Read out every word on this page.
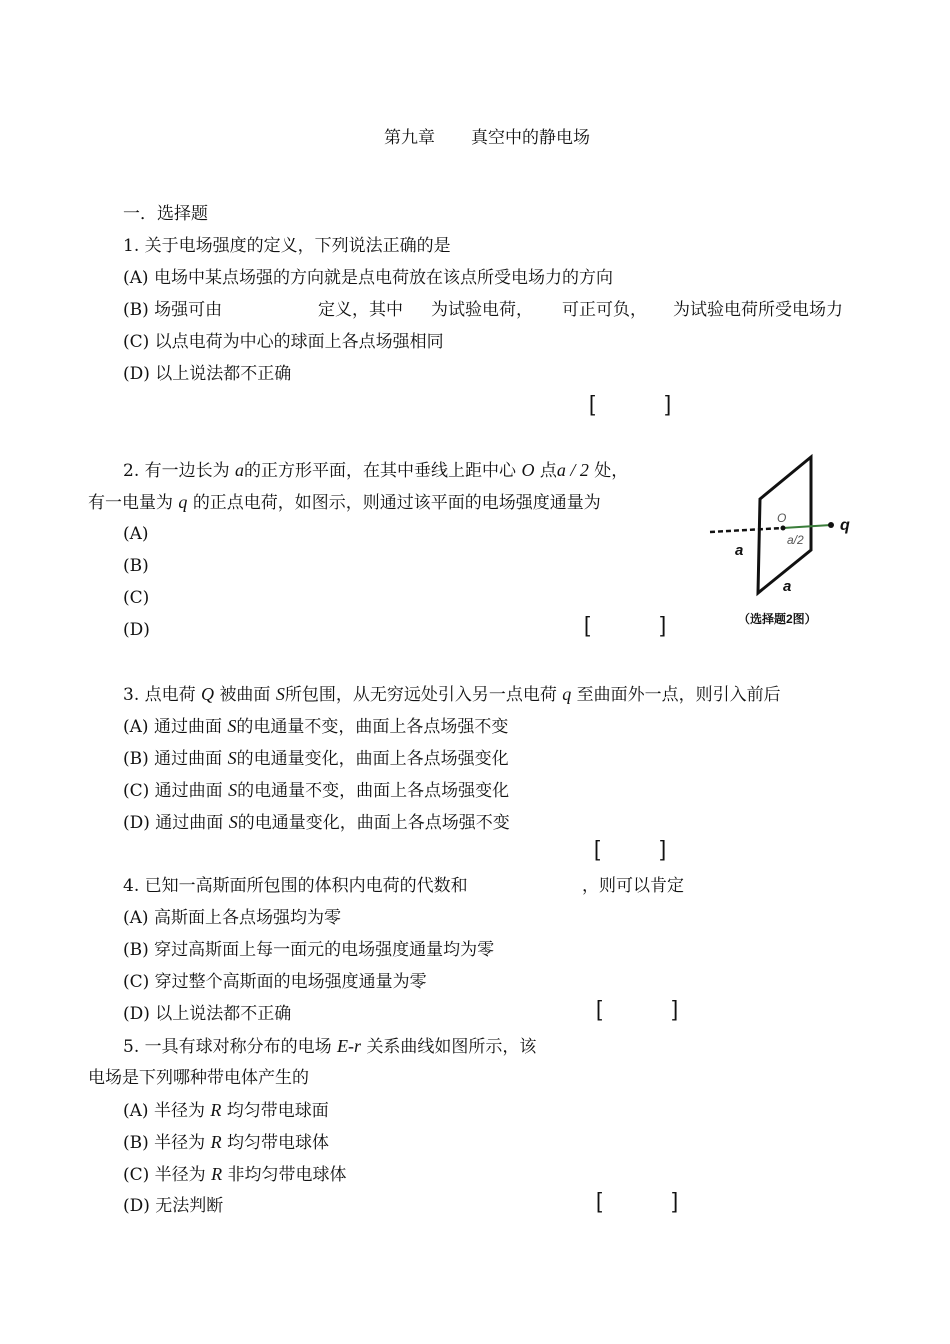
第九章 真空中的静电场
一．选择题
1. 关于电场强度的定义，下列说法正确的是
(A) 电场中某点场强的方向就是点电荷放在该点所受电场力的方向
(B) 场强可由	定义，其中 为试验电荷， 可正可负， 为试验电荷所受电场力
(C) 以点电荷为中心的球面上各点场强相同
(D) 以上说法都不正确
[	]
2. 有一边长为 a的正方形平面，在其中垂线上距中心 O 点a / 2 处，
有一电量为 q 的正点电荷，如图示，则通过该平面的电场强度通量为
(A)
(B)
(C)
(D)	[	]
O
a/2
q
a
a
（选择题2图）
3. 点电荷 Q 被曲面 S所包围，从无穷远处引入另一点电荷 q 至曲面外一点，则引入前后
(A) 通过曲面 S的电通量不变，曲面上各点场强不变
(B) 通过曲面 S的电通量变化，曲面上各点场强变化
(C) 通过曲面 S的电通量不变，曲面上各点场强变化
(D) 通过曲面 S的电通量变化，曲面上各点场强不变
[	]
4. 已知一高斯面所包围的体积内电荷的代数和	，则可以肯定
(A) 高斯面上各点场强均为零
(B) 穿过高斯面上每一面元的电场强度通量均为零
(C) 穿过整个高斯面的电场强度通量为零
(D) 以上说法都不正确	[	]
5. 一具有球对称分布的电场 E-r 关系曲线如图所示，该
电场是下列哪种带电体产生的
(A) 半径为 R 均匀带电球面
(B) 半径为 R 均匀带电球体
(C) 半径为 R 非均匀带电球体
(D) 无法判断	[	]
